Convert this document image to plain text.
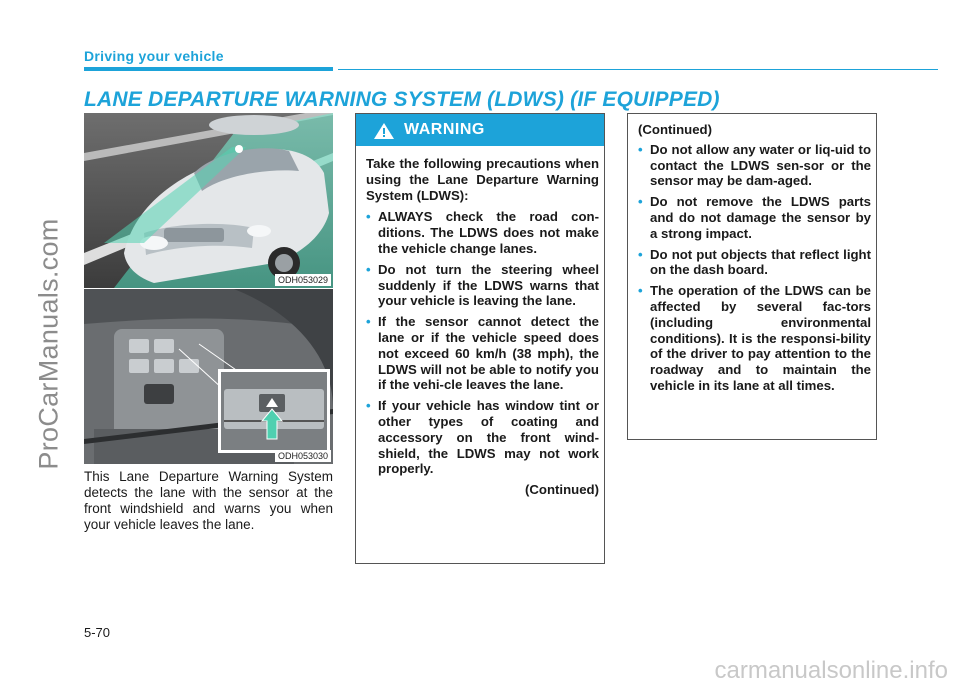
ProCarManuals.com
Driving your vehicle
LANE DEPARTURE WARNING SYSTEM (LDWS) (IF EQUIPPED)
ODH053029
ODH053030
This Lane Departure Warning System detects the lane with the sensor at the front windshield and warns you when your vehicle leaves the lane.
WARNING

Take the following precautions when using the Lane Departure Warning System (LDWS):

• ALWAYS check the road con-ditions. The LDWS does not make the vehicle change lanes.
• Do not turn the steering wheel suddenly if the LDWS warns that your vehicle is leaving the lane.
• If the sensor cannot detect the lane or if the vehicle speed does not exceed 60 km/h (38 mph), the LDWS will not be able to notify you if the vehi-cle leaves the lane.
• If your vehicle has window tint or other types of coating and accessory on the front wind-shield, the LDWS may not work properly.
(Continued)

(Continued)

• Do not allow any water or liq-uid to contact the LDWS sen-sor or the sensor may be dam-aged.
• Do not remove the LDWS parts and do not damage the sensor by a strong impact.
• Do not put objects that reflect light on the dash board.
• The operation of the LDWS can be affected by several fac-tors (including environmental conditions). It is the responsi-bility of the driver to pay attention to the roadway and to maintain the vehicle in its lane at all times.
5-70
carmanualsonline.info
